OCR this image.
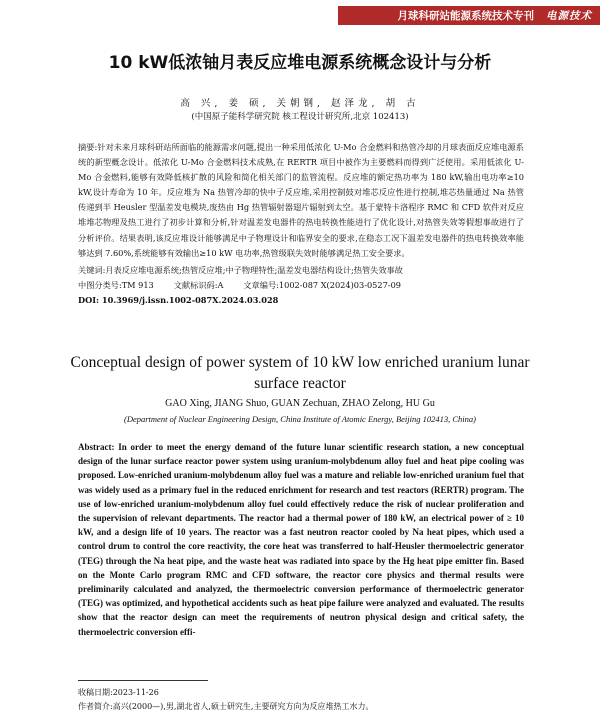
月球科研站能源系统技术专刊 电源技术
10 kW低浓铀月表反应堆电源系统概念设计与分析
高 兴, 姜 硕, 关朝钢, 赵泽龙, 胡 古
(中国原子能科学研究院 核工程设计研究所,北京 102413)

摘要:针对未来月球科研站所面临的能源需求问题,提出一种采用低浓化 U-Mo 合金燃料和热管冷却的月球表面反应堆电源系统的新型概念设计。低浓化 U-Mo 合金燃料技术成熟,在 RERTR 项目中被作为主要燃料而得到广泛使用。采用低浓化 U-Mo 合金燃料,能够有效降低核扩散的风险和简化相关部门的监管流程。反应堆的额定热功率为 180 kW,输出电功率≥10 kW,设计寿命为 10 年。反应堆为 Na 热管冷却的快中子反应堆,采用控制鼓对堆芯反应性进行控制,堆芯热量通过 Na 热管传递到半 Heusler 型温差发电模块,废热由 Hg 热管辐射器翅片辐射到太空。基于蒙特卡洛程序 RMC 和 CFD 软件对反应堆堆芯物理及热工进行了初步计算和分析,针对温差发电器件的热电转换性能进行了优化设计,对热管失效等假想事故进行了分析评价。结果表明,该反应堆设计能够满足中子物理设计和临界安全的要求,在稳态工况下温差发电器件的热电转换效率能够达到 7.60%,系统能够有效输出≥10 kW 电功率,热管级联失效时能够满足热工安全要求。

关键词:月表反应堆电源系统;热管反应堆;中子物理特性;温差发电器结构设计;热管失效事故

中图分类号:TM 913 文献标识码:A 文章编号:1002-087 X(2024)03-0527-09

DOI: 10.3969/j.issn.1002-087X.2024.03.028

Conceptual design of power system of 10 kW low enriched uranium lunar surface reactor
GAO Xing, JIANG Shuo, GUAN Zechuan, ZHAO Zelong, HU Gu
(Department of Nuclear Engineering Design, China Institute of Atomic Energy, Beijing 102413, China)
Abstract: In order to meet the energy demand of the future lunar scientific research station, a new conceptual design of the lunar surface reactor power system using uranium-molybdenum alloy fuel and heat pipe cooling was proposed. Low-enriched uranium-molybdenum alloy fuel was a mature and reliable low-enriched uranium fuel that was widely used as a primary fuel in the reduced enrichment for research and test reactors (RERTR) program. The use of low-enriched uranium-molybdenum alloy fuel could effectively reduce the risk of nuclear proliferation and the supervision of relevant departments. The reactor had a thermal power of 180 kW, an electrical power of ≥ 10 kW, and a design life of 10 years. The reactor was a fast neutron reactor cooled by Na heat pipes, which used a control drum to control the core reactivity, the core heat was transferred to half-Heusler thermoelectric generator (TEG) through the Na heat pipe, and the waste heat was radiated into space by the Hg heat pipe emitter fin. Based on the Monte Carlo program RMC and CFD software, the reactor core physics and thermal results were preliminarily calculated and analyzed, the thermoelectric conversion performance of thermoelectric generator (TEG) was optimized, and hypothetical accidents such as heat pipe failure were analyzed and evaluated. The results show that the reactor design can meet the requirements of neutron physical design and critical safety, the thermoelectric conversion effi-

收稿日期:2023-11-26

作者简介:高兴(2000—),男,湖北省人,硕士研究生,主要研究方向为反应堆热工水力。
